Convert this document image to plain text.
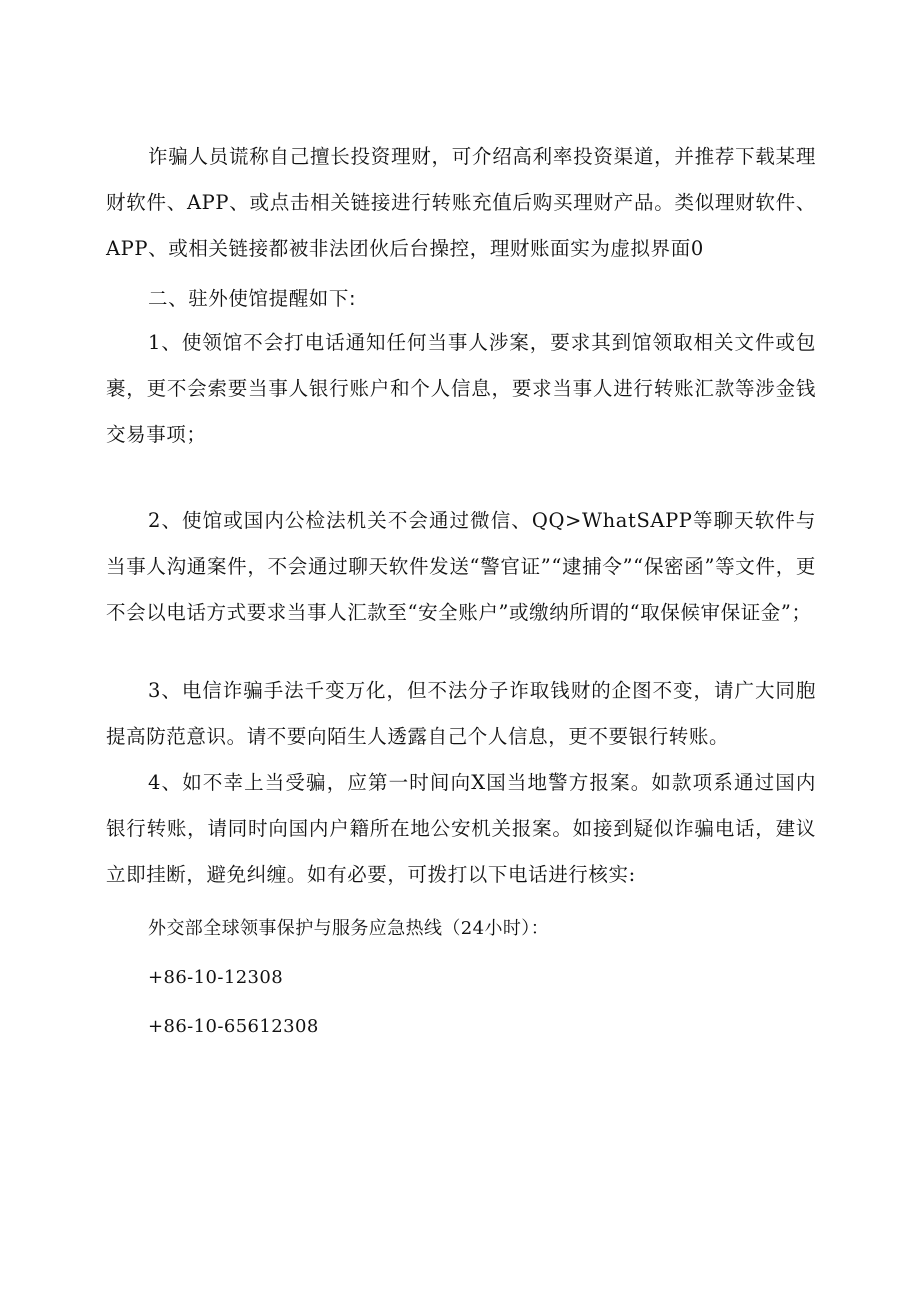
诈骗人员谎称自己擅长投资理财，可介绍高利率投资渠道，并推荐下载某理财软件、APP、或点击相关链接进行转账充值后购买理财产品。类似理财软件、APP、或相关链接都被非法团伙后台操控，理财账面实为虚拟界面0

二、驻外使馆提醒如下:

1、使领馆不会打电话通知任何当事人涉案，要求其到馆领取相关文件或包裹，更不会索要当事人银行账户和个人信息，要求当事人进行转账汇款等涉金钱交易事项；

2、使馆或国内公检法机关不会通过微信、QQ>WhatSAPP等聊天软件与当事人沟通案件，不会通过聊天软件发送“警官证”“逮捕令”“保密函”等文件，更不会以电话方式要求当事人汇款至“安全账户”或缴纳所谓的“取保候审保证金”；

3、电信诈骗手法千变万化，但不法分子诈取钱财的企图不变，请广大同胞提高防范意识。请不要向陌生人透露自己个人信息，更不要银行转账。

4、如不幸上当受骗，应第一时间向X国当地警方报案。如款项系通过国内银行转账，请同时向国内户籍所在地公安机关报案。如接到疑似诈骗电话，建议立即挂断，避免纠缠。如有必要，可拨打以下电话进行核实:

外交部全球领事保护与服务应急热线（24小时）：

+86-10-12308

+86-10-65612308
